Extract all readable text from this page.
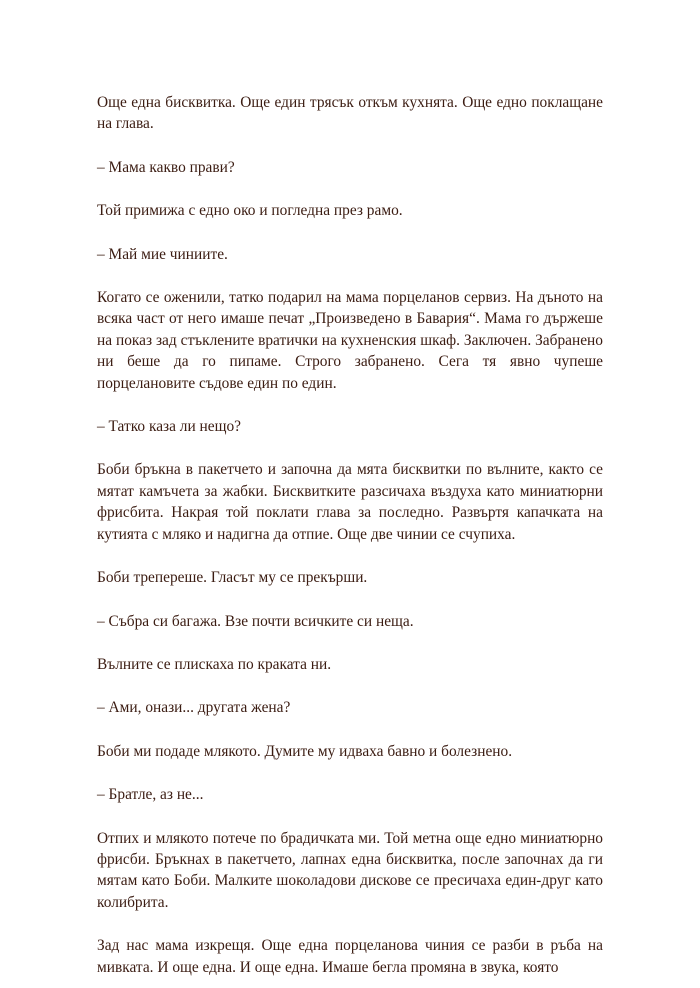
Още една бисквитка. Още един трясък откъм кухнята. Още едно поклащане на глава.

– Мама какво прави?

Той примижа с едно око и погледна през рамо.

– Май мие чиниите.

Когато се оженили, татко подарил на мама порцеланов сервиз. На дъното на всяка част от него имаше печат „Произведено в Бавария“. Мама го държеше на показ зад стъклените вратички на кухненския шкаф. Заключен. Забранено ни беше да го пипаме. Строго забранено. Сега тя явно чупеше порцелановите съдове един по един.

– Татко каза ли нещо?

Боби бръкна в пакетчето и започна да мята бисквитки по вълните, както се мятат камъчета за жабки. Бисквитките разсичаха въздуха като миниатюрни фрисбита. Накрая той поклати глава за последно. Развъртя капачката на кутията с мляко и надигна да отпие. Още две чинии се счупиха.

Боби трепереше. Гласът му се прекърши.

– Събра си багажа. Взе почти всичките си неща.

Вълните се плискаха по краката ни.

– Ами, онази... другата жена?

Боби ми подаде млякото. Думите му идваха бавно и болезнено.

– Братле, аз не...

Отпих и млякото потече по брадичката ми. Той метна още едно миниатюрно фрисби. Бръкнах в пакетчето, лапнах една бисквитка, после започнах да ги мятам като Боби. Малките шоколадови дискове се пресичаха един-друг като колибрита.

Зад нас мама изкрещя. Още една порцеланова чиния се разби в ръба на мивката. И още една. И още една. Имаше бегла промяна в звука, която
